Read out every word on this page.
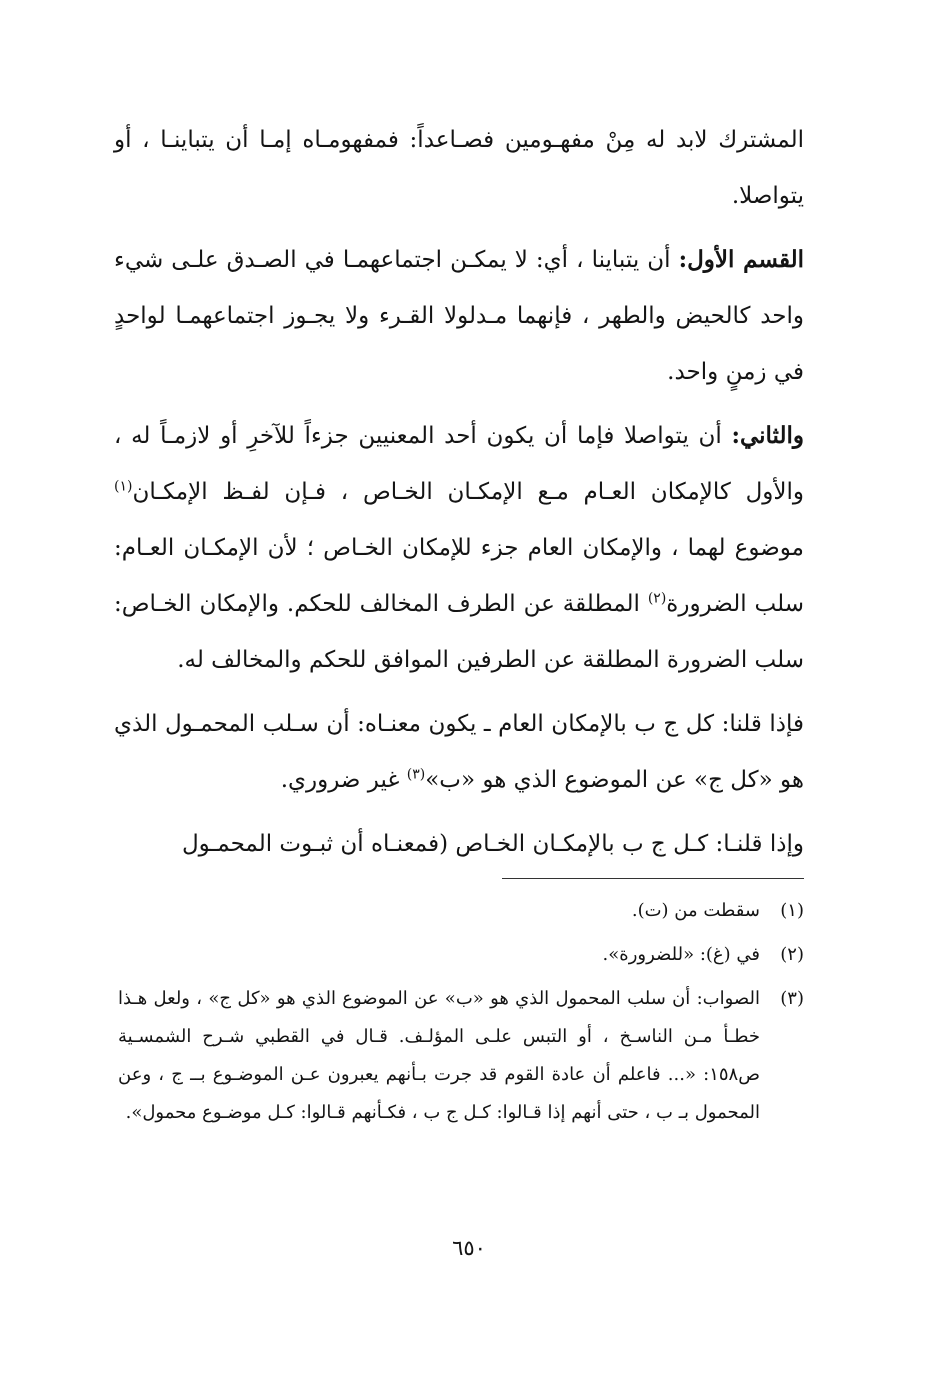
المشترك لابد له مِنْ مفهـومين فصـاعداً: فمفهومـاه إمـا أن يتباينـا ، أو يتواصلا.

القسم الأول: أن يتباينا ، أي: لا يمكـن اجتماعهمـا في الصـدق علـى شيء واحد كالحيض والطهر ، فإنهما مـدلولا القـرء ولا يجـوز اجتماعهمـا لواحدٍ في زمنٍ واحد.

والثاني: أن يتواصلا فإما أن يكون أحد المعنيين جزءاً للآخرِ أو لازمـاً له ، والأول كالإمكان العـام مـع الإمكـان الخـاص ، فـإن لفـظ الإمكـان$^{(١)}$ موضوع لهما ، والإمكان العام جزء للإمكان الخـاص ؛ لأن الإمكـان العـام: سلب الضرورة$^{(٢)}$ المطلقة عن الطرف المخالف للحكم. والإمكان الخـاص: سلب الضرورة المطلقة عن الطرفين الموافق للحكم والمخالف له.

فإذا قلنا: كل ج ب بالإمكان العام ـ يكون معنـاه: أن سـلب المحمـول الذي هو «كل ج» عن الموضوع الذي هو «ب»$^{(٣)}$ غير ضروري.

وإذا قلنـا: كـل ج ب بالإمكـان الخـاص (فمعنـاه أن ثبـوت المحمـول

(١)
سقطت من (ت).
(٢)
في (غ): «للضرورة».
(٣)
الصواب: أن سلب المحمول الذي هو «ب» عن الموضوع الذي هو «كل ج» ، ولعل هـذا خطـأ مـن الناسـخ ، أو التبس علـى المؤلـف. قـال في القطبي شـرح الشمسـية ص١٥٨: «... فاعلم أن عادة القوم قد جرت بـأنهم يعبرون عـن الموضـوع بــ ج ، وعن المحمول بـ ب ، حتى أنهم إذا قـالوا: كـل ج ب ، فكـأنهم قـالوا: كـل موضـوع محمول».
٦٥٠
